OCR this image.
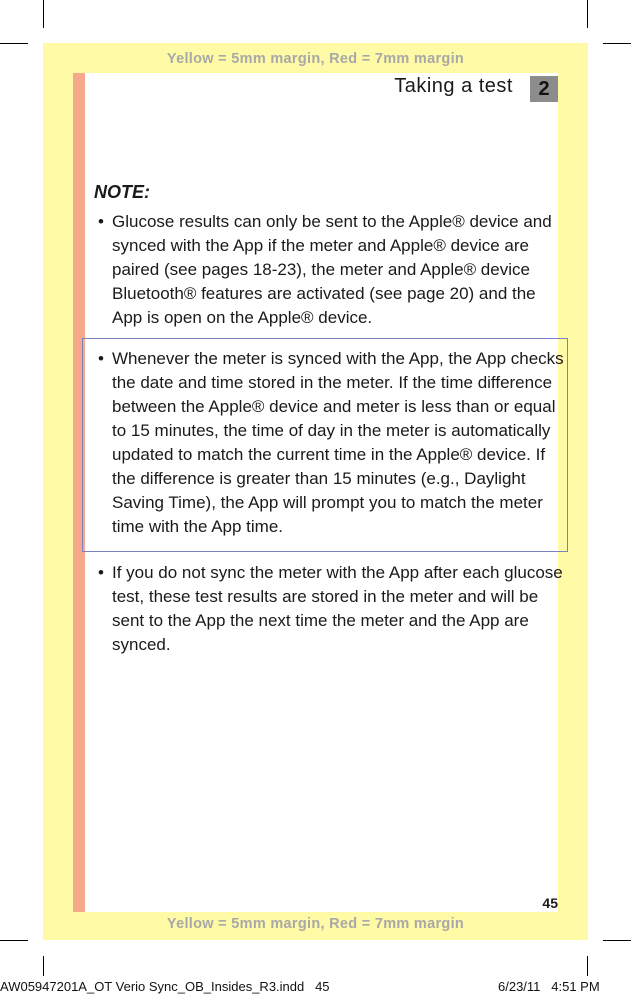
Yellow = 5mm margin, Red = 7mm margin
Yellow = 5mm margin, Red = 7mm margin
Taking a test	2
NOTE:

• Glucose results can only be sent to the Apple® device and synced with the App if the meter and Apple® device are paired (see pages 18-23), the meter and Apple® device Bluetooth® features are activated (see page 20) and the App is open on the Apple® device.

• Whenever the meter is synced with the App, the App checks the date and time stored in the meter. If the time difference between the Apple® device and meter is less than or equal to 15 minutes, the time of day in the meter is automatically updated to match the current time in the Apple® device. If the difference is greater than 15 minutes (e.g., Daylight Saving Time), the App will prompt you to match the meter time with the App time.

• If you do not sync the meter with the App after each glucose test, these test results are stored in the meter and will be sent to the App the next time the meter and the App are synced.

45
AW05947201A_OT Verio Sync_OB_Insides_R3.indd   45	6/23/11   4:51 PM
